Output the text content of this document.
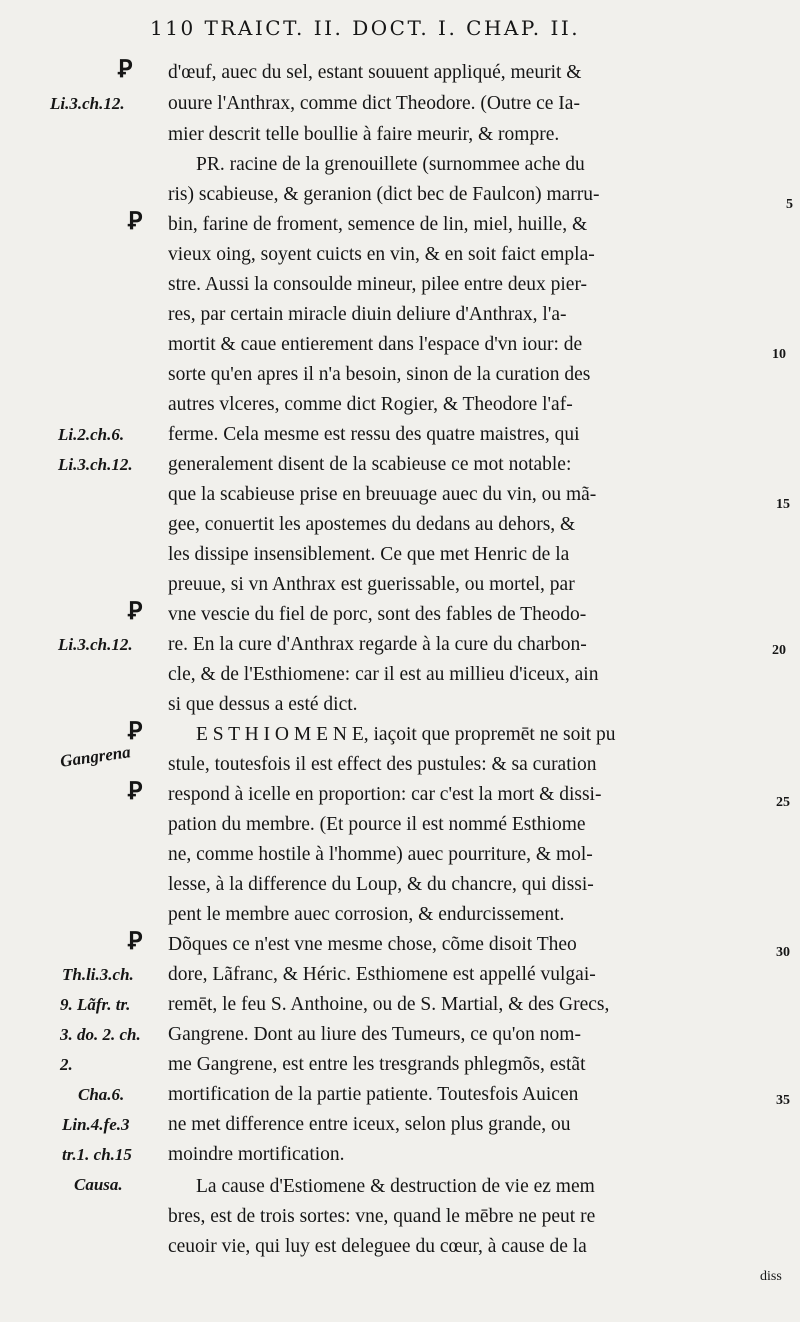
110 TRAICT. II. DOCT. I. CHAP. II.
d'œuf, auec du sel, estant souuent appliqué, meurit &
ouure l'Anthrax, comme dict Theodore. (Outre ce Ia-
mier descrit telle boullie à faire meurir, & rompre.
PR. racine de la grenouillete (surnommee ache du
ris) scabieuse, & geranion (dict bec de Faulcon) marru-
bin, farine de froment, semence de lin, miel, huille, &
vieux oing, soyent cuicts en vin, & en soit faict empla-
stre. Aussi la consoulde mineur, pilee entre deux pier-
res, par certain miracle diuin deliure d'Anthrax, l'a-
mortit & caue entierement dans l'espace d'vn iour: de
sorte qu'en apres il n'a besoin, sinon de la curation des
autres vlceres, comme dict Rogier, & Theodore l'af-
ferme. Cela mesme est ressu des quatre maistres, qui
generalement disent de la scabieuse ce mot notable:
que la scabieuse prise en breuuage auec du vin, ou mã-
gee, conuertit les apostemes du dedans au dehors, &
les dissipe insensiblement. Ce que met Henric de la
preuue, si vn Anthrax est guerissable, ou mortel, par
vne vescie du fiel de porc, sont des fables de Theodo-
re. En la cure d'Anthrax regarde à la cure du charbon-
cle, & de l'Esthiomene: car il est au millieu d'iceux, ain
si que dessus a esté dict.
E S T H I O M E N E, iaçoit que propremēt ne soit pu
stule, toutesfois il est effect des pustules: & sa curation
respond à icelle en proportion: car c'est la mort & dissi-
pation du membre. (Et pource il est nommé Esthiome
ne, comme hostile à l'homme) auec pourriture, & mol-
lesse, à la difference du Loup, & du chancre, qui dissi-
pent le membre auec corrosion, & endurcissement.
Dõques ce n'est vne mesme chose, cõme disoit Theo
dore, Lãfranc, & Héric. Esthiomene est appellé vulgai-
remēt, le feu S. Anthoine, ou de S. Martial, & des Grecs,
Gangrene. Dont au liure des Tumeurs, ce qu'on nom-
me Gangrene, est entre les tresgrands phlegmõs, estãt
mortification de la partie patiente. Toutesfois Auicen
ne met difference entre iceux, selon plus grande, ou
moindre mortification.
La cause d'Estiomene & destruction de vie ez mem
bres, est de trois sortes: vne, quand le mēbre ne peut re
ceuoir vie, qui luy est deleguee du cœur, à cause de la
diss
Ꝑ
Ꝑ
Ꝑ
Ꝑ
Ꝑ
Ꝑ
Li.3.ch.12.
Li.2.ch.6.
Li.3.ch.12.
Li.3.ch.12.
Gangrena
Th.li.3.ch.
9. Lãfr. tr.
3. do. 2. ch.
2.
Cha.6.
Lin.4.fe.3
tr.1. ch.15
Causa.
5
10
15
20
25
30
35
